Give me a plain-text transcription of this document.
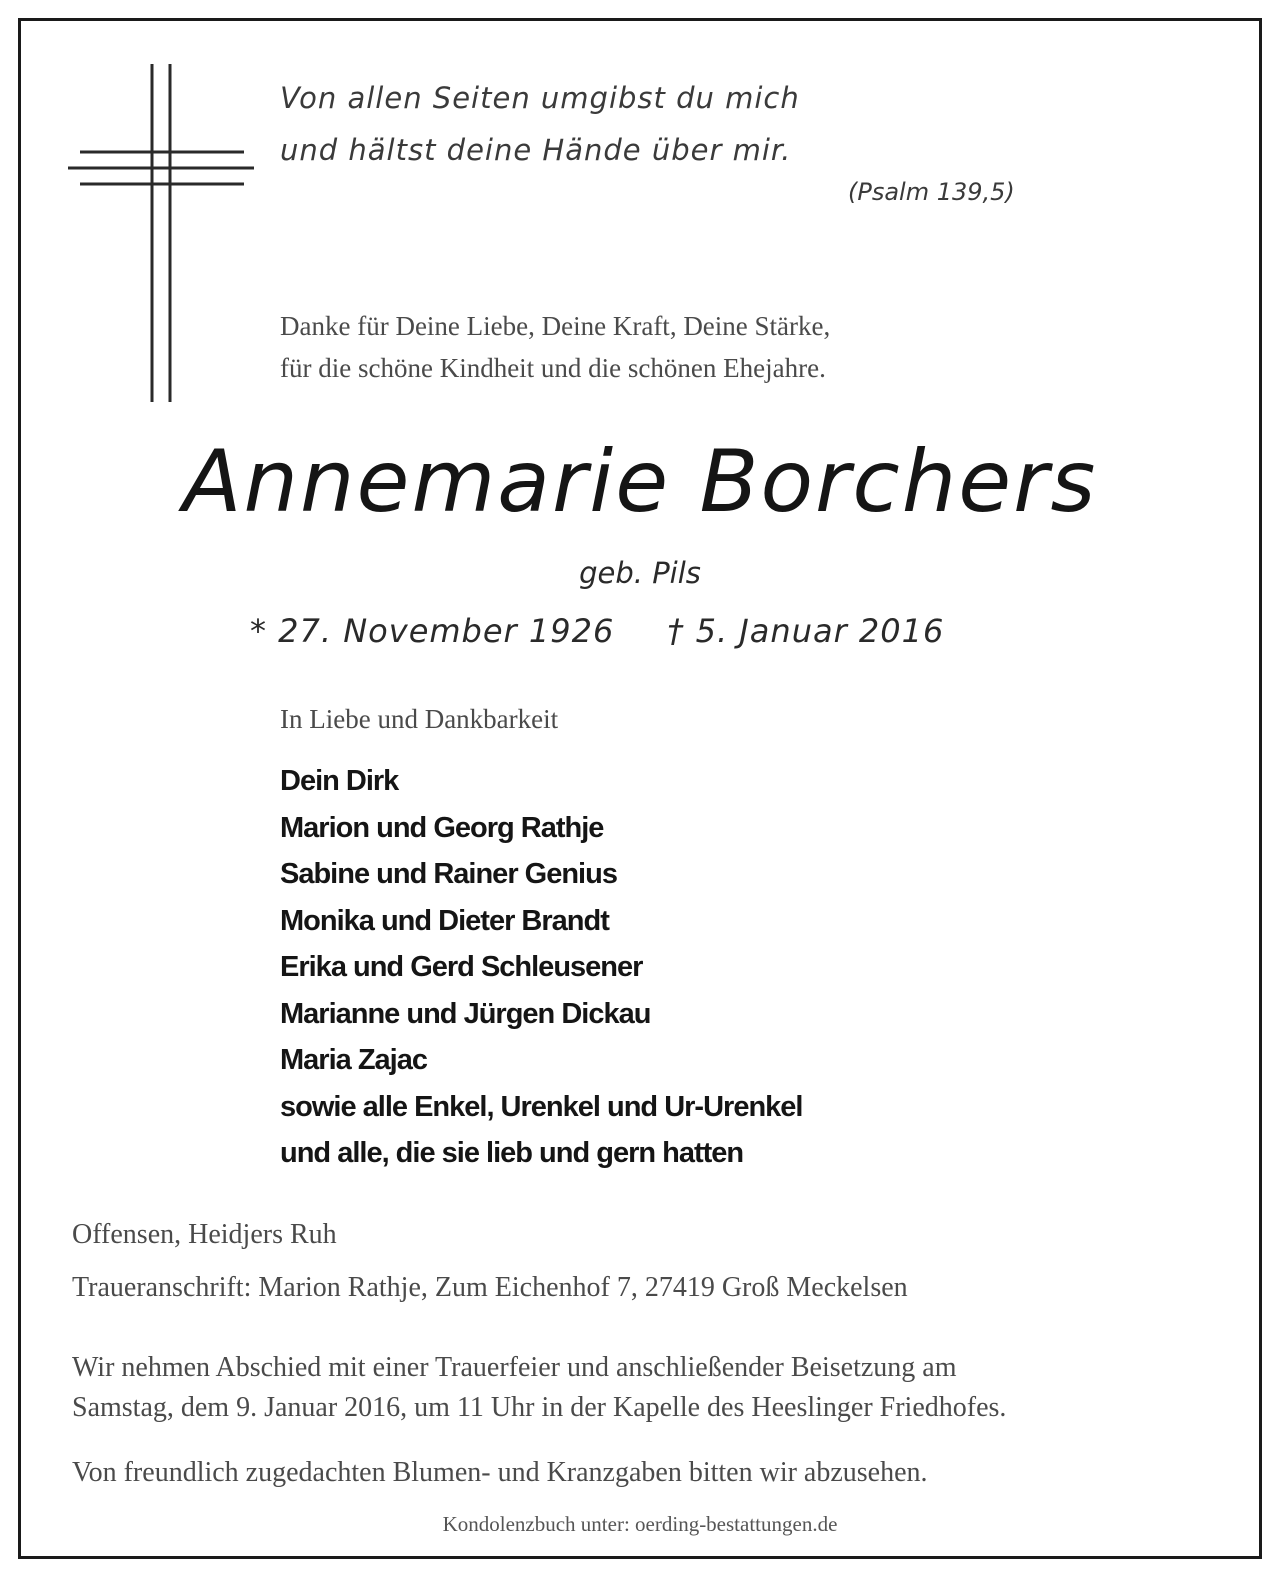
Von allen Seiten umgibst du mich
und hältst deine Hände über mir.
(Psalm 139,5)
Danke für Deine Liebe, Deine Kraft, Deine Stärke,
für die schöne Kindheit und die schönen Ehejahre.
Annemarie Borchers
geb. Pils
* 27. November 1926 † 5. Januar 2016
In Liebe und Dankbarkeit
Dein Dirk
Marion und Georg Rathje
Sabine und Rainer Genius
Monika und Dieter Brandt
Erika und Gerd Schleusener
Marianne und Jürgen Dickau
Maria Zajac
sowie alle Enkel, Urenkel und Ur-Urenkel
und alle, die sie lieb und gern hatten
Offensen, Heidjers Ruh
Traueranschrift: Marion Rathje, Zum Eichenhof 7, 27419 Groß Meckelsen
Wir nehmen Abschied mit einer Trauerfeier und anschließender Beisetzung am
Samstag, dem 9. Januar 2016, um 11 Uhr in der Kapelle des Heeslinger Friedhofes.
Von freundlich zugedachten Blumen- und Kranzgaben bitten wir abzusehen.
Kondolenzbuch unter: oerding-bestattungen.de
